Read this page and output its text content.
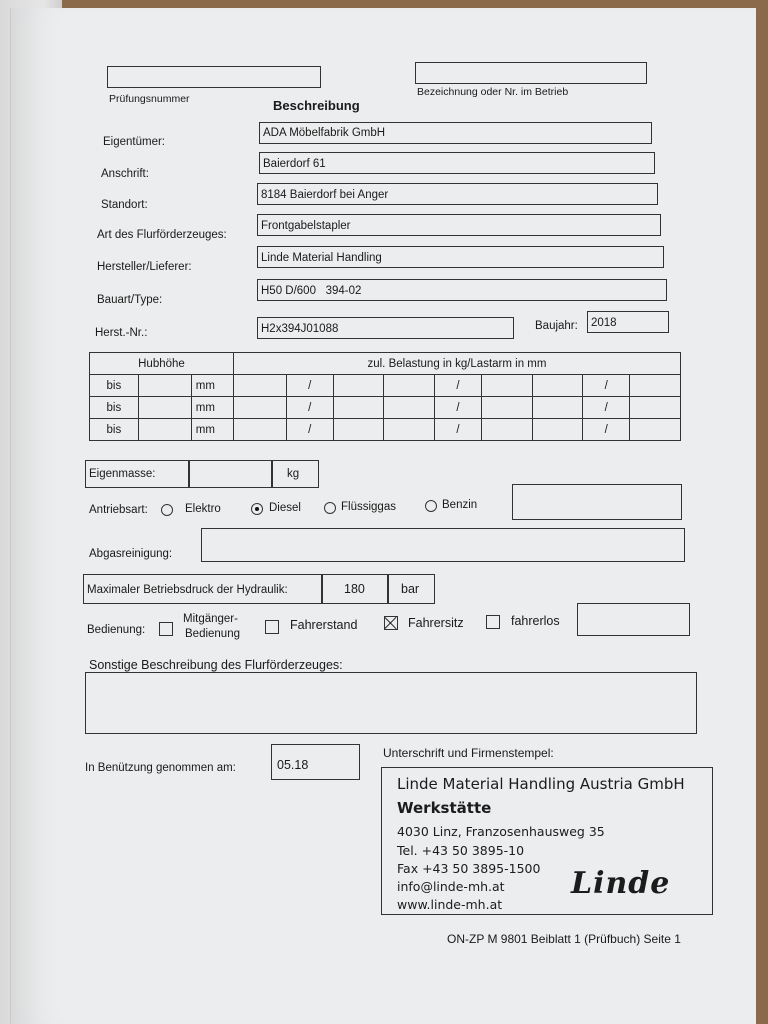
Prüfungsnummer
Bezeichnung oder Nr. im Betrieb
Beschreibung
Eigentümer:
ADA Möbelfabrik GmbH
Anschrift:
Baierdorf 61
Standort:
8184 Baierdorf bei Anger
Art des Flurförderzeuges:
Frontgabelstapler
Hersteller/Lieferer:
Linde Material Handling
Bauart/Type:
H50 D/600   394-02
Herst.-Nr.:	H2x394J01088	Baujahr: 2018
Hubhöhe			zul. Belastung in kg/Lastarm in mm								
bis		mm		/			/			/	
bis		mm		/			/			/	
bis		mm		/			/			/	
Eigenmasse:	kg
Antriebsart:	Elektro	Diesel	Flüssiggas	Benzin
Abgasreinigung:
Maximaler Betriebsdruck der Hydraulik:	180	bar
Bedienung:
Mitgänger-
Bedienung
Fahrerstand	Fahrersitz	fahrerlos
Sonstige Beschreibung des Flurförderzeuges:
In Benützung genommen am:	05.18
Unterschrift und Firmenstempel:
Linde Material Handling Austria GmbH
Werkstätte
4030 Linz, Franzosenhausweg 35
Tel. +43 50 3895-10
Fax +43 50 3895-1500
info@linde-mh.at
www.linde-mh.at
Linde
ON-ZP M 9801 Beiblatt 1 (Prüfbuch) Seite 1
